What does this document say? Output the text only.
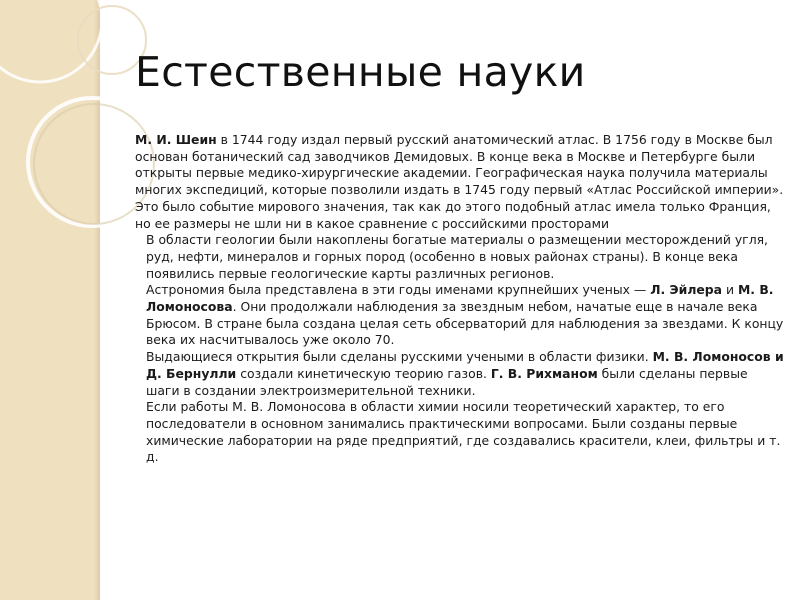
Естественные науки

М. И. Шеин в 1744 году издал первый русский анатомический атлас. В 1756 году в Москве был основан ботанический сад заводчиков Демидовых. В конце века в Москве и Петербурге были открыты первые медико-хирургические академии. Географическая наука получила материалы многих экспедиций, которые позволили издать в 1745 году первый «Атлас Российской империи». Это было событие мирового значения, так как до этого подобный атлас имела только Франция, но ее размеры не шли ни в какое сравнение с российскими просторами

В области геологии были накоплены богатые материалы о размещении месторождений угля, руд, нефти, минералов и горных пород (особенно в новых районах страны). В конце века появились первые геологические карты различных регионов.

Астрономия была представлена в эти годы именами крупнейших ученых — Л. Эйлера и М. В. Ломоносова. Они продолжали наблюдения за звездным небом, начатые еще в начале века Брюсом. В стране была создана целая сеть обсерваторий для наблюдения за звездами. К концу века их насчитывалось уже около 70.

Выдающиеся открытия были сделаны русскими учеными в области физики. М. В. Ломоносов и Д. Бернулли создали кинетическую теорию газов. Г. В. Рихманом были сделаны первые шаги в создании электроизмерительной техники.

Если работы М. В. Ломоносова в области химии носили теоретический характер, то его последователи в основном занимались практическими вопросами. Были созданы первые химические лаборатории на ряде предприятий, где создавались красители, клеи, фильтры и т. д.
